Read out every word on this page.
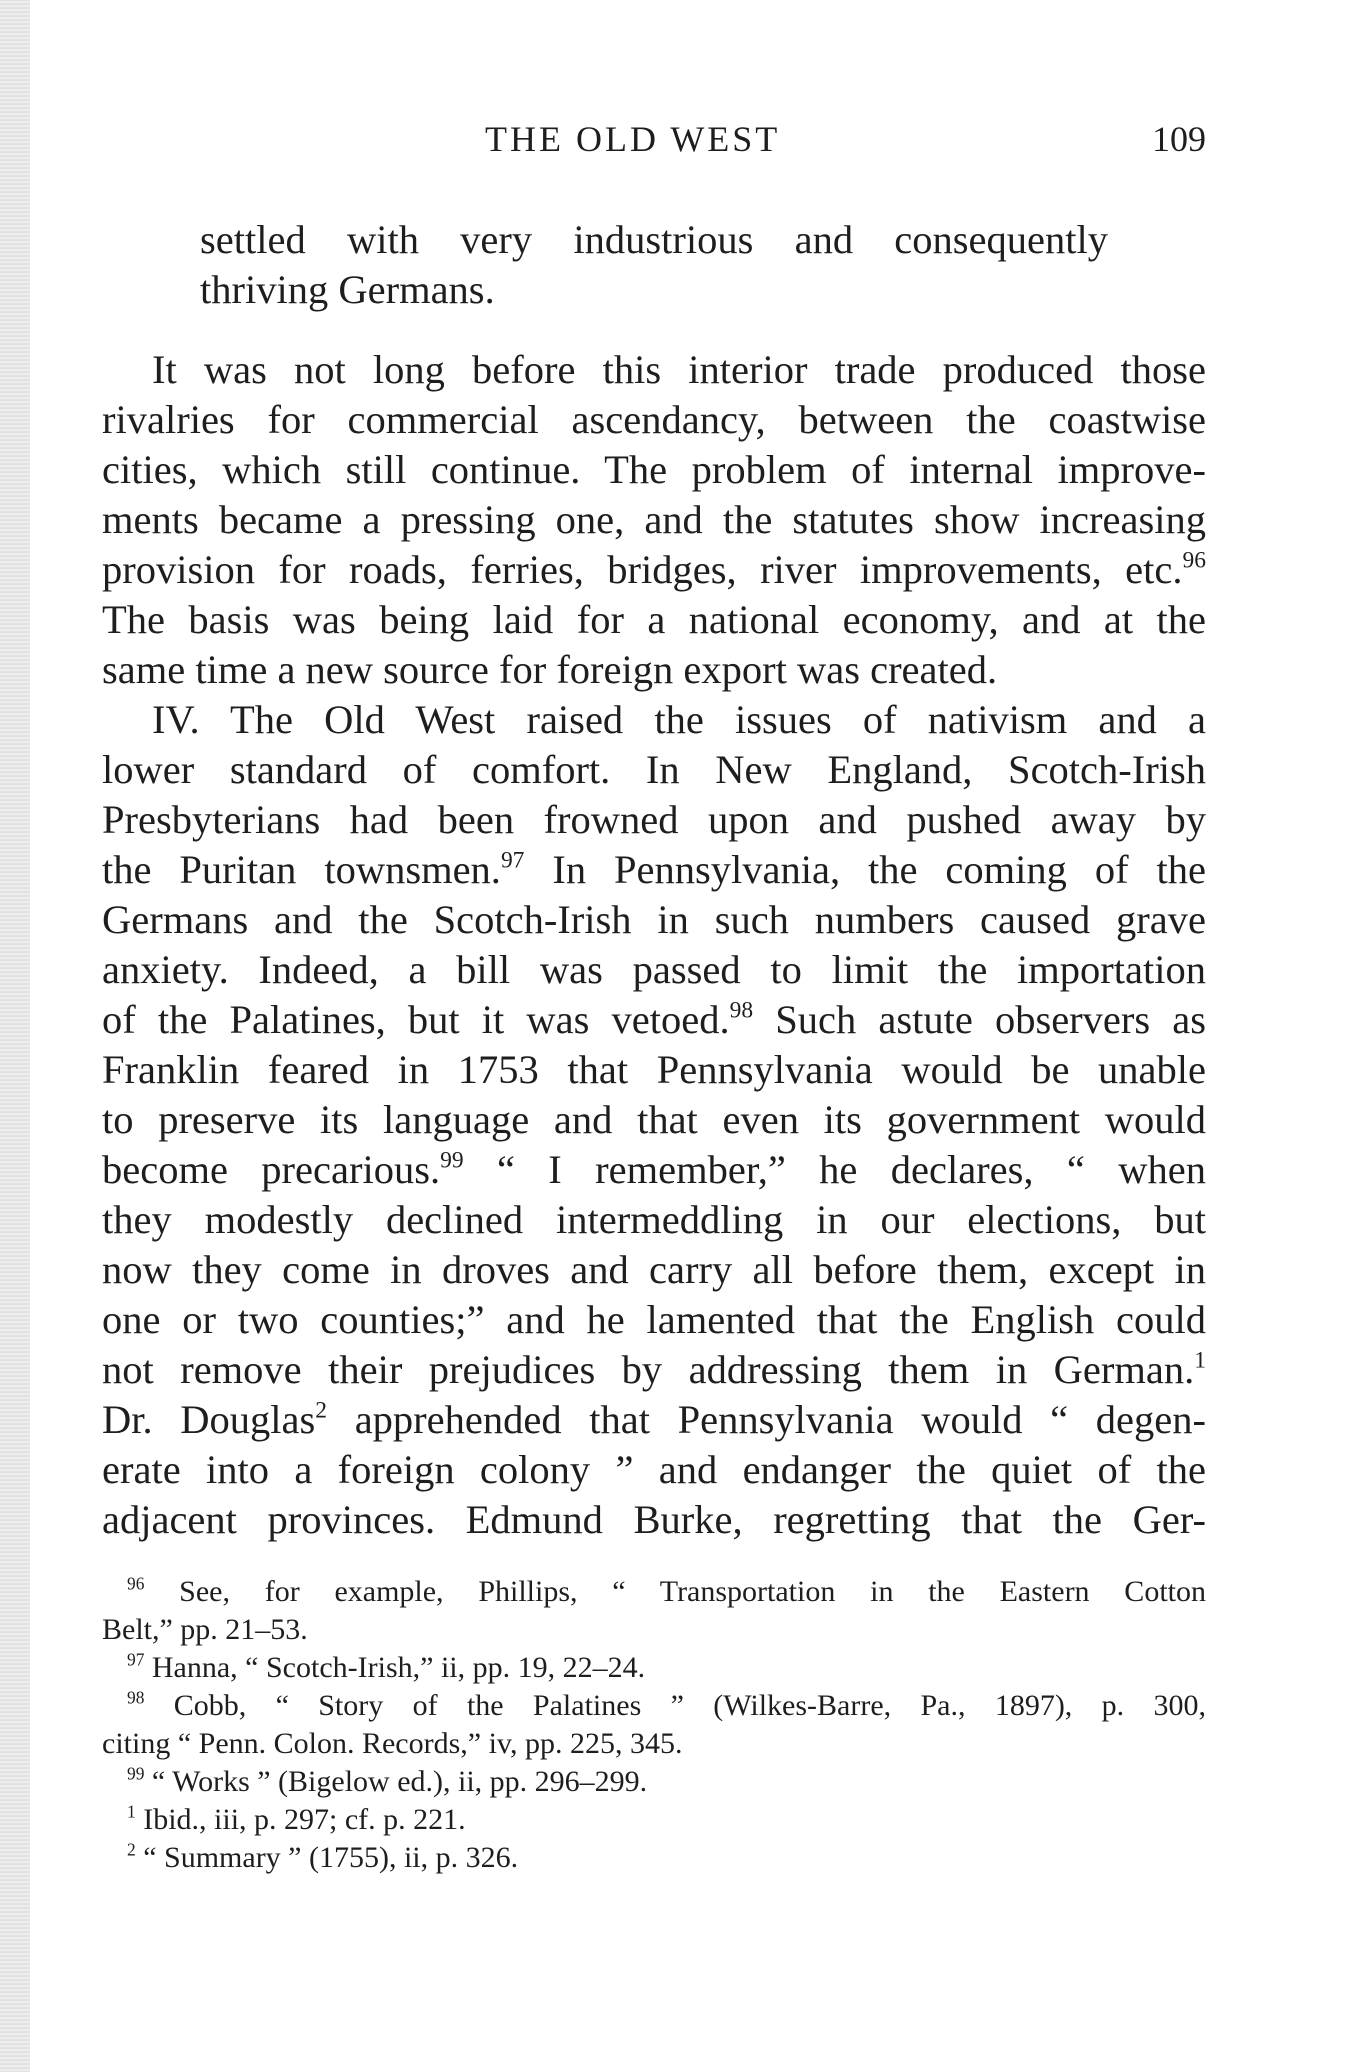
THE OLD WEST	109
settled with very industrious and consequently
thriving Germans.
It was not long before this interior trade produced those
rivalries for commercial ascendancy, between the coastwise
cities, which still continue. The problem of internal improve-
ments became a pressing one, and the statutes show increasing
provision for roads, ferries, bridges, river improvements, etc.$^{96}$
The basis was being laid for a national economy, and at the
same time a new source for foreign export was created.
IV. The Old West raised the issues of nativism and a
lower standard of comfort. In New England, Scotch-Irish
Presbyterians had been frowned upon and pushed away by
the Puritan townsmen.$^{97}$ In Pennsylvania, the coming of the
Germans and the Scotch-Irish in such numbers caused grave
anxiety. Indeed, a bill was passed to limit the importation
of the Palatines, but it was vetoed.$^{98}$ Such astute observers as
Franklin feared in 1753 that Pennsylvania would be unable
to preserve its language and that even its government would
become precarious.$^{99}$ “ I remember,” he declares, “ when
they modestly declined intermeddling in our elections, but
now they come in droves and carry all before them, except in
one or two counties;” and he lamented that the English could
not remove their prejudices by addressing them in German.$^1$
Dr. Douglas$^2$ apprehended that Pennsylvania would “ degen-
erate into a foreign colony ” and endanger the quiet of the
adjacent provinces. Edmund Burke, regretting that the Ger-
$^{96}$ See, for example, Phillips, “ Transportation in the Eastern Cotton
Belt,” pp. 21–53.
$^{97}$ Hanna, “ Scotch-Irish,” ii, pp. 19, 22–24.
$^{98}$ Cobb, “ Story of the Palatines ” (Wilkes-Barre, Pa., 1897), p. 300,
citing “ Penn. Colon. Records,” iv, pp. 225, 345.
$^{99}$ “ Works ” (Bigelow ed.), ii, pp. 296–299.
$^1$ Ibid., iii, p. 297; cf. p. 221.
$^2$ “ Summary ” (1755), ii, p. 326.
